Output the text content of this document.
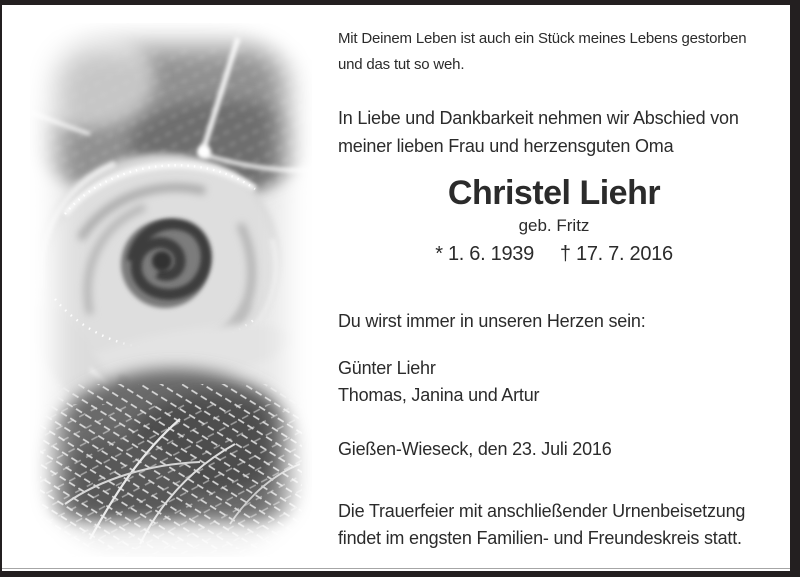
Mit Deinem Leben ist auch ein Stück meines Lebens gestorben
und das tut so weh.
In Liebe und Dankbarkeit nehmen wir Abschied von
meiner lieben Frau und herzensguten Oma
Christel Liehr
geb. Fritz
* 1. 6. 1939 † 17. 7. 2016
Du wirst immer in unseren Herzen sein:
Günter Liehr
Thomas, Janina und Artur
Gießen-Wieseck, den 23. Juli 2016
Die Trauerfeier mit anschließender Urnenbeisetzung
findet im engsten Familien- und Freundeskreis statt.
